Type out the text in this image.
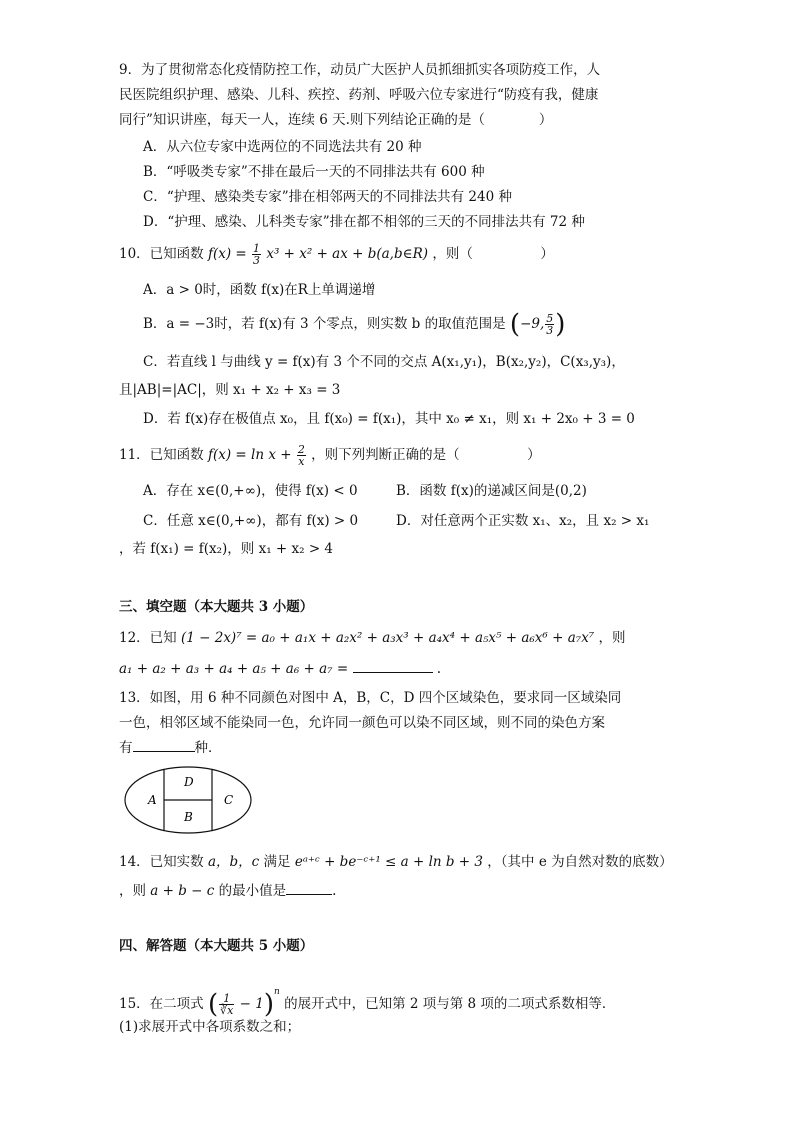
9．为了贯彻常态化疫情防控工作，动员广大医护人员抓细抓实各项防疫工作，人
民医院组织护理、感染、儿科、疾控、药剂、呼吸六位专家进行“防疫有我，健康
同行”知识讲座，每天一人，连续 6 天.则下列结论正确的是（　　　　）
A．从六位专家中选两位的不同选法共有 20 种
B．“呼吸类专家”不排在最后一天的不同排法共有 600 种
C．“护理、感染类专家”排在相邻两天的不同排法共有 240 种
D．“护理、感染、儿科类专家”排在都不相邻的三天的不同排法共有 72 种
10．已知函数 $f(x) = \frac{1}{3} x^3 + x^2$ + ax + b(a,b∈R) ，则（　　　　　）
A．a > 0时，函数 f(x)在R上单调递增
B．a = −3时，若 f(x)有 3 个零点，则实数 b 的取值范围是 (−9, $\frac{5}{3}$ )
C．若直线 l 与曲线 y = f(x)有 3 个不同的交点 A(x₁,y₁)，B(x₂,y₂)，C(x₃,y₃)，
且|AB|=|AC|，则 x₁ + x₂ + x₃ = 3
D．若 f(x)存在极值点 x₀，且 f(x₀) = f(x₁)，其中 x₀ ≠ x₁，则 x₁ + 2x₀ + 3 = 0
11．已知函数 $f(x) = \ln x + \frac{2}{x}$ ，则下列判断正确的是（　　　　　）
A．存在 x∈(0,+∞)，使得 f(x) < 0	B．函数 f(x)的递减区间是(0,2)
C．任意 x∈(0,+∞)，都有 f(x) > 0	D．对任意两个正实数 x₁、x₂，且 x₂ > x₁
，若 f(x₁) = f(x₂)，则 x₁ + x₂ > 4
三、填空题（本大题共 3 小题）
12．已知 (1 − 2x)⁷ = a₀ + a₁x + a₂x² + a₃x³ + a₄x⁴ + a₅x⁵ + a₆x⁶ + a₇x⁷ ，则
a₁ + a₂ + a₃ + a₄ + a₅ + a₆ + a₇ =	.
13．如图，用 6 种不同颜色对图中 A，B，C，D 四个区域染色，要求同一区域染同
一色，相邻区域不能染同一色，允许同一颜色可以染不同区域，则不同的染色方案
有	种．
A
D
B
C
14．已知实数 a，b，c 满足 eᵃ⁺ᶜ + be⁻ᶜ⁺¹ ≤ a + ln b + 3 ，（其中 e 为自然对数的底数）
，则 a + b − c 的最小值是	.
四、解答题（本大题共 5 小题）
15．在二项式 ( $\frac{1}{∛x} - 1)^n$ 的展开式中，已知第 2 项与第 8 项的二项式系数相等．
(1)求展开式中各项系数之和；
